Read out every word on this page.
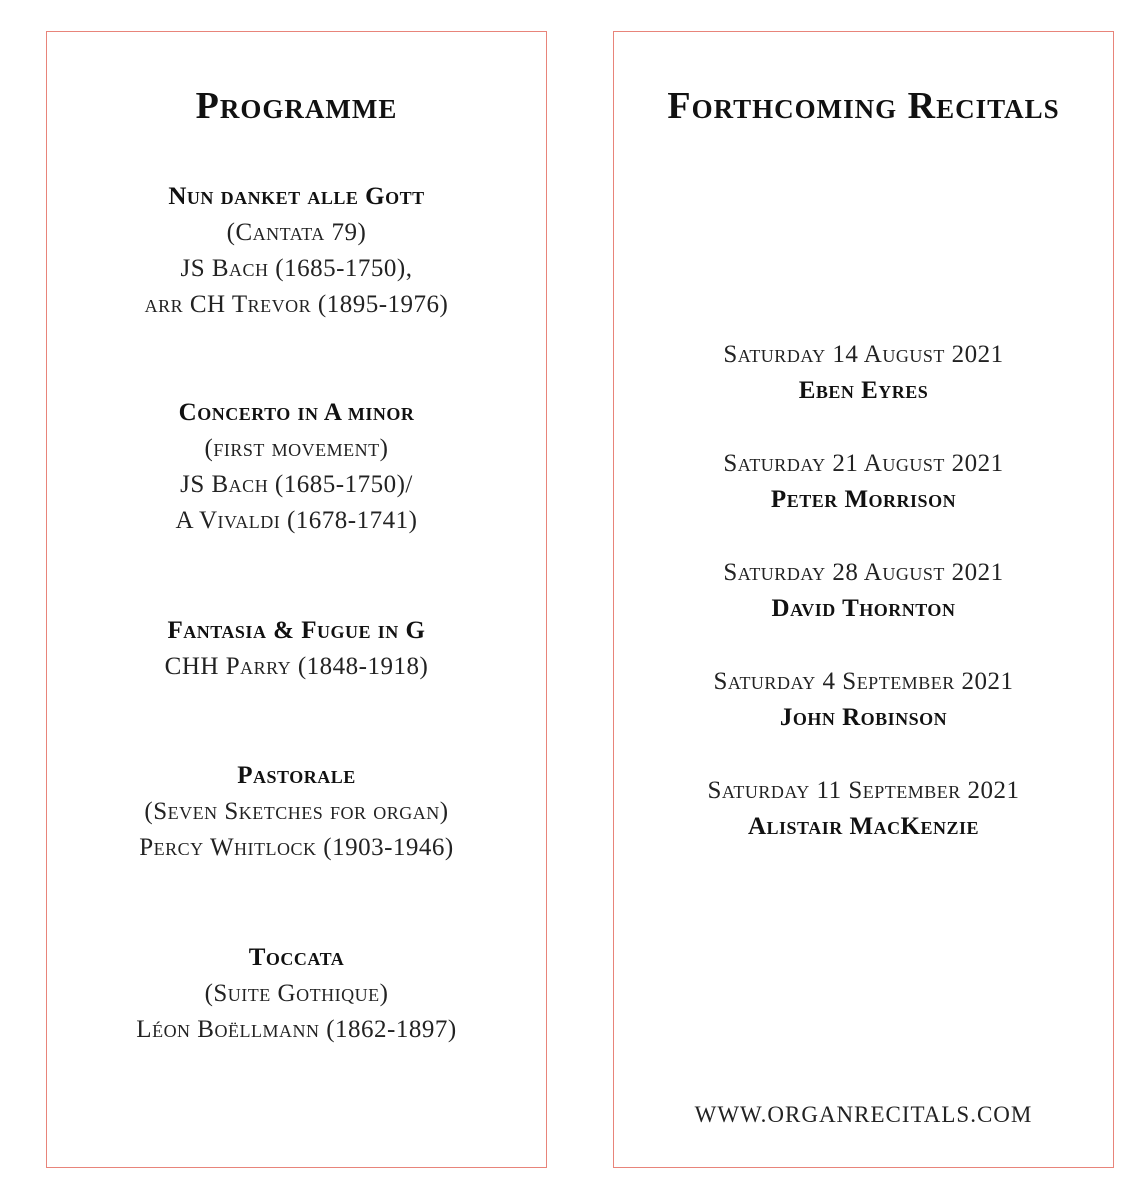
Programme
Nun danket alle Gott
(Cantata 79)
JS Bach (1685-1750),
arr CH Trevor (1895-1976)
Concerto in A minor
(first movement)
JS Bach (1685-1750)/
A Vivaldi (1678-1741)
Fantasia & Fugue in G
CHH Parry (1848-1918)
Pastorale
(Seven Sketches for organ)
Percy Whitlock (1903-1946)
Toccata
(Suite Gothique)
Léon Boëllmann (1862-1897)
Forthcoming Recitals
Saturday 14 August 2021
Eben Eyres
Saturday 21 August 2021
Peter Morrison
Saturday 28 August 2021
David Thornton
Saturday 4 September 2021
John Robinson
Saturday 11 September 2021
Alistair MacKenzie
WWW.ORGANRECITALS.COM
